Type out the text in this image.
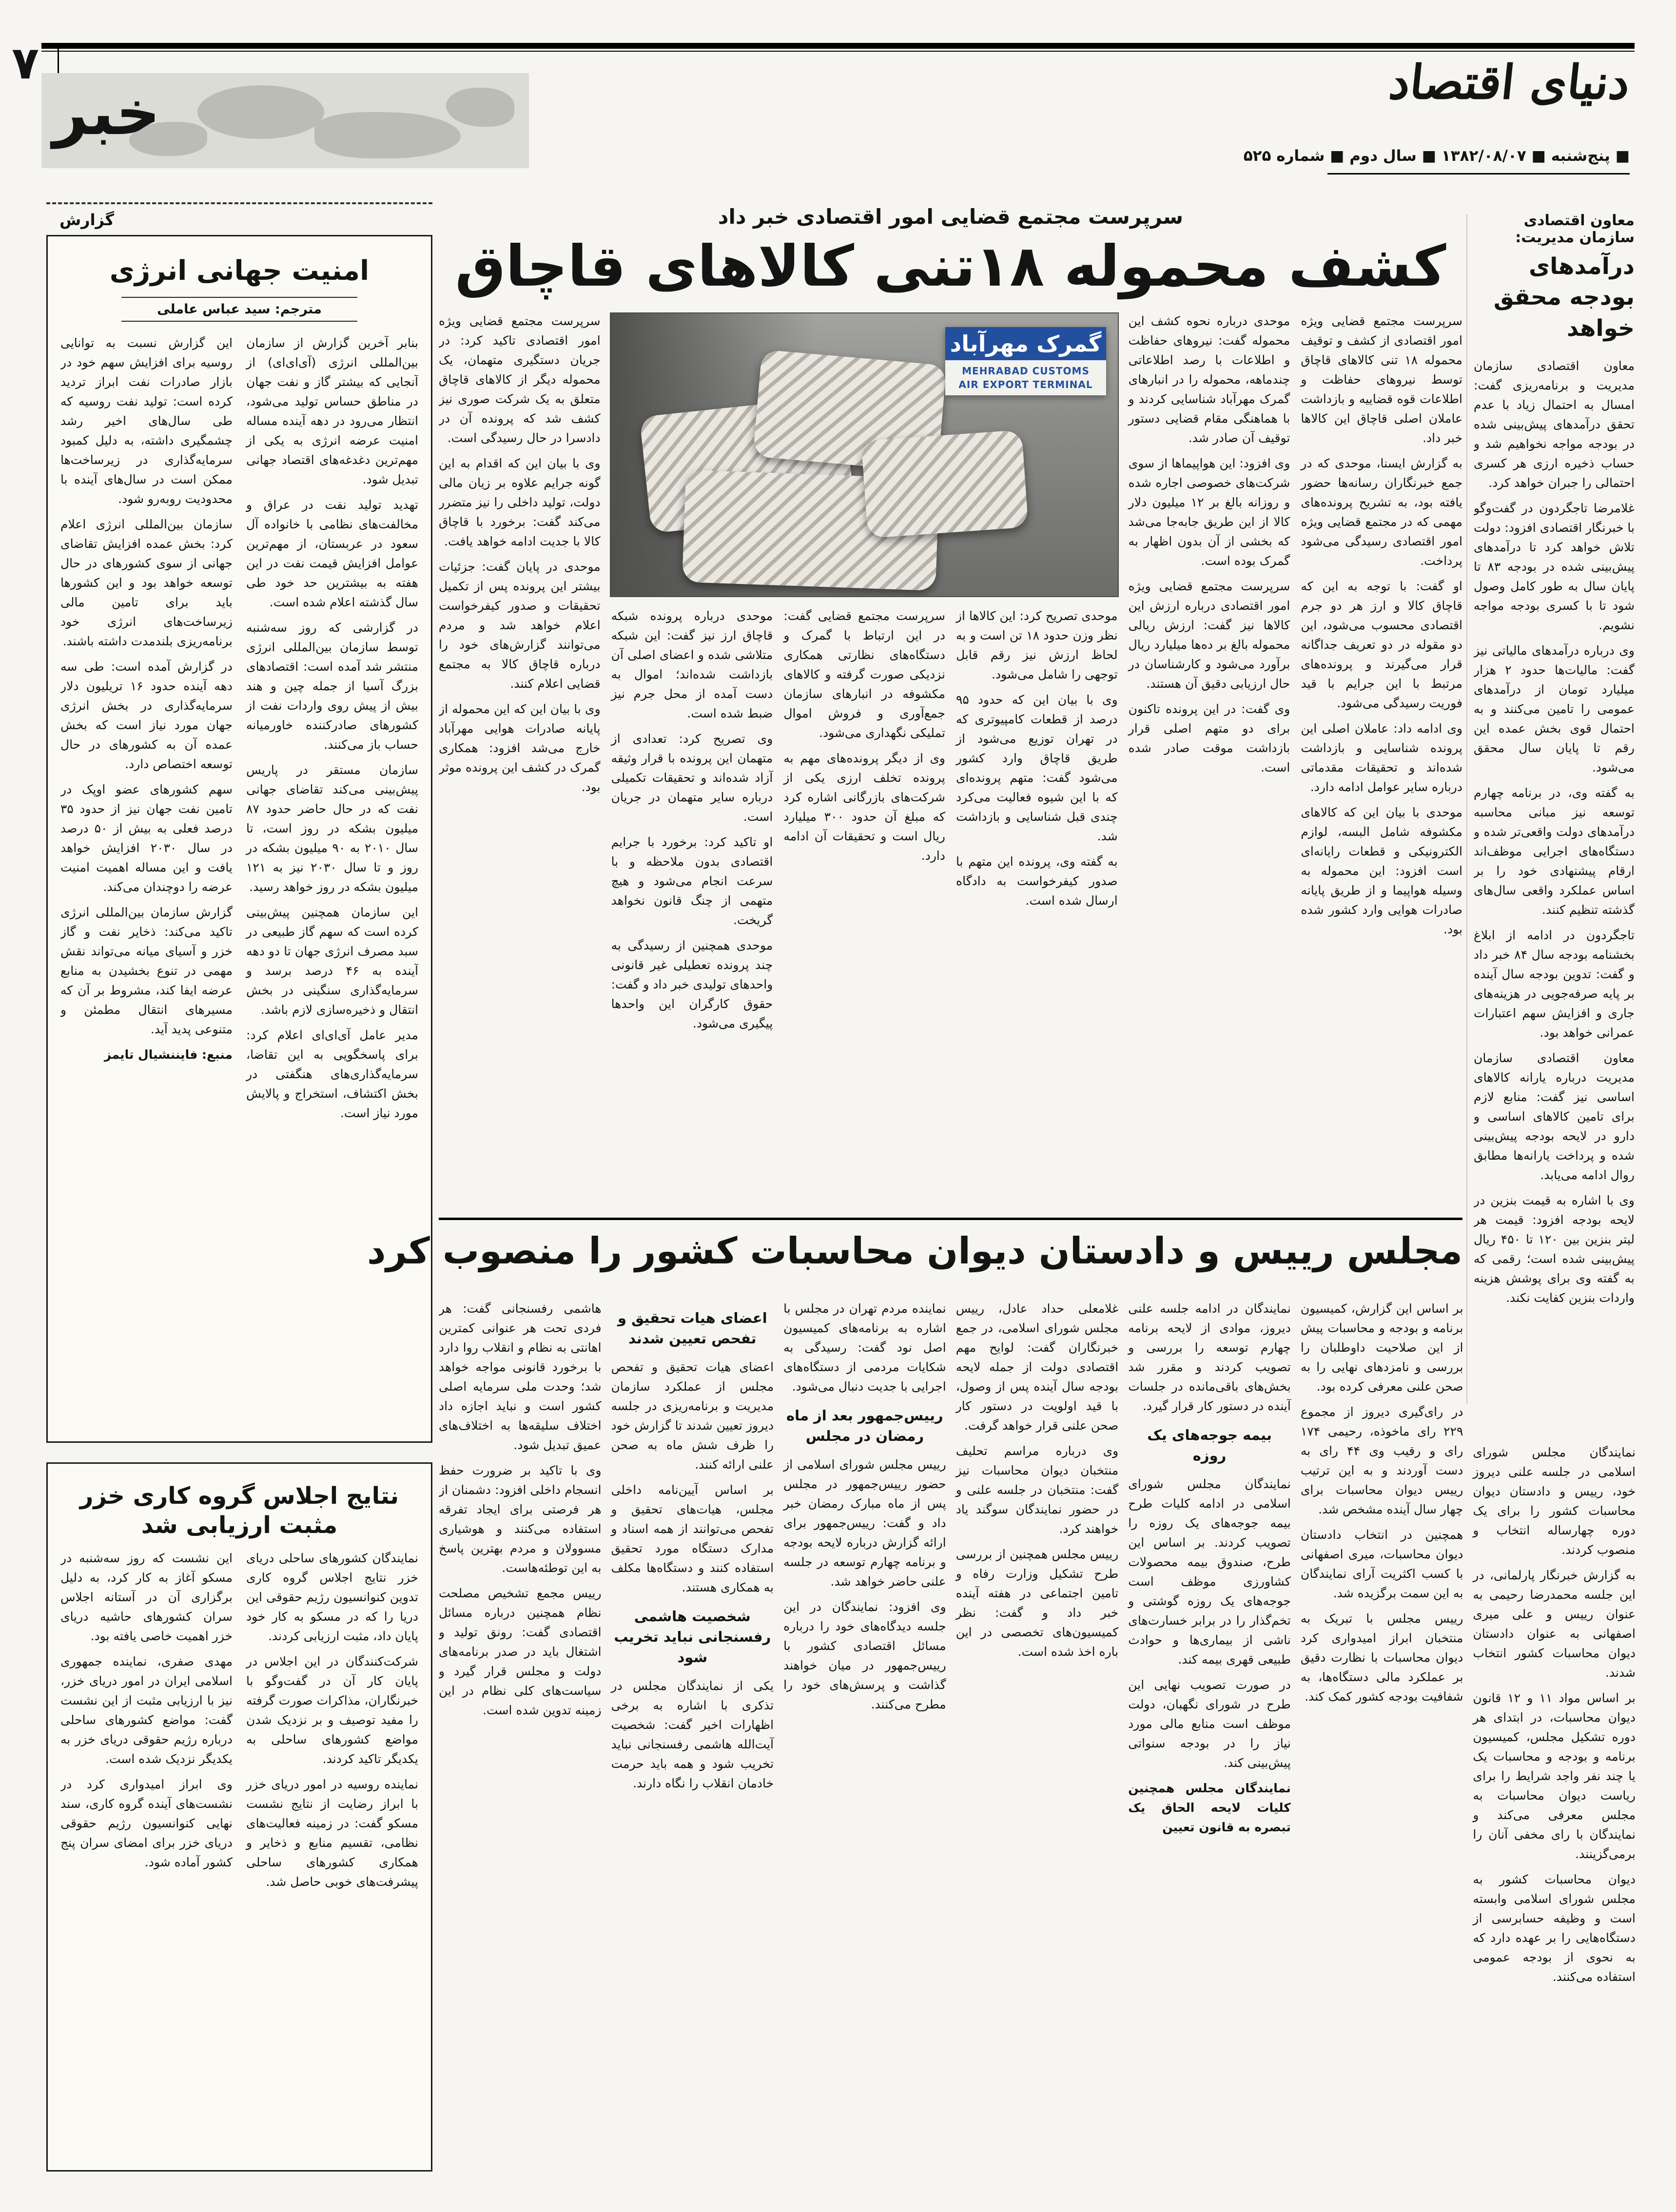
۷	دنیای اقتصاد
خبر
■ پنج‌شنبه ■ ۱۳۸۲/۰۸/۰۷ ■ سال دوم ■ شماره ۵۲۵
گزارش	معاون اقتصادی سازمان مدیریت:
درآمدهای بودجه محقق خواهد

معاون اقتصادی سازمان مدیریت و برنامه‌ریزی گفت: امسال به احتمال زیاد با عدم تحقق درآمدهای پیش‌بینی شده در بودجه مواجه نخواهیم شد و حساب ذخیره ارزی هر کسری احتمالی را جبران خواهد کرد.

غلامرضا تاجگردون در گفت‌وگو با خبرنگار اقتصادی افزود: دولت تلاش خواهد کرد تا درآمدهای پیش‌بینی شده در بودجه ۸۳ تا پایان سال به طور کامل وصول شود تا با کسری بودجه مواجه نشویم.

وی درباره درآمدهای مالیاتی نیز گفت: مالیات‌ها حدود ۲ هزار میلیارد تومان از درآمدهای عمومی را تامین می‌کنند و به احتمال قوی بخش عمده این رقم تا پایان سال محقق می‌شود.

به گفته وی، در برنامه چهارم توسعه نیز مبانی محاسبه درآمدهای دولت واقعی‌تر شده و دستگاه‌های اجرایی موظف‌اند ارقام پیشنهادی خود را بر اساس عملکرد واقعی سال‌های گذشته تنظیم کنند.

تاجگردون در ادامه از ابلاغ بخشنامه بودجه سال ۸۴ خبر داد و گفت: تدوین بودجه سال آینده بر پایه صرفه‌جویی در هزینه‌های جاری و افزایش سهم اعتبارات عمرانی خواهد بود.

معاون اقتصادی سازمان مدیریت درباره یارانه کالاهای اساسی نیز گفت: منابع لازم برای تامین کالاهای اساسی و دارو در لایحه بودجه پیش‌بینی شده و پرداخت یارانه‌ها مطابق روال ادامه می‌یابد.

وی با اشاره به قیمت بنزین در لایحه بودجه افزود: قیمت هر لیتر بنزین بین ۱۲۰ تا ۴۵۰ ریال پیش‌بینی شده است؛ رقمی که به گفته وی برای پوشش هزینه واردات بنزین کفایت نکند.

سرپرست مجتمع قضایی امور اقتصادی خبر داد
کشف محموله ۱۸تنی کالاهای قاچاق

سرپرست مجتمع قضایی ویژه امور اقتصادی از کشف و توقیف محموله ۱۸ تنی کالاهای قاچاق توسط نیروهای حفاظت و اطلاعات قوه قضاییه و بازداشت عاملان اصلی قاچاق این کالاها خبر داد.

به گزارش ایسنا، موحدی که در جمع خبرنگاران رسانه‌ها حضور یافته بود، به تشریح پرونده‌های مهمی که در مجتمع قضایی ویژه امور اقتصادی رسیدگی می‌شود پرداخت.

او گفت: با توجه به این که قاچاق کالا و ارز هر دو جرم اقتصادی محسوب می‌شود، این دو مقوله در دو تعریف جداگانه قرار می‌گیرند و پرونده‌های مرتبط با این جرایم با قید فوریت رسیدگی می‌شود.

وی ادامه داد: عاملان اصلی این پرونده شناسایی و بازداشت شده‌اند و تحقیقات مقدماتی درباره سایر عوامل ادامه دارد.

موحدی با بیان این که کالاهای مکشوفه شامل البسه، لوازم الکترونیکی و قطعات رایانه‌ای است افزود: این محموله به وسیله هواپیما و از طریق پایانه صادرات هوایی وارد کشور شده بود.

موحدی درباره نحوه کشف این محموله گفت: نیروهای حفاظت و اطلاعات با رصد اطلاعاتی چندماهه، محموله را در انبارهای گمرک مهرآباد شناسایی کردند و با هماهنگی مقام قضایی دستور توقیف آن صادر شد.

وی افزود: این هواپیماها از سوی شرکت‌های خصوصی اجاره شده و روزانه بالغ بر ۱۲ میلیون دلار کالا از این طریق جابه‌جا می‌شد که بخشی از آن بدون اظهار به گمرک بوده است.

سرپرست مجتمع قضایی ویژه امور اقتصادی درباره ارزش این کالاها نیز گفت: ارزش ریالی محموله بالغ بر ده‌ها میلیارد ریال برآورد می‌شود و کارشناسان در حال ارزیابی دقیق آن هستند.

وی گفت: در این پرونده تاکنون برای دو متهم اصلی قرار بازداشت موقت صادر شده است.

موحدی تصریح کرد: این کالاها از نظر وزن حدود ۱۸ تن است و به لحاظ ارزش نیز رقم قابل توجهی را شامل می‌شود.

وی با بیان این که حدود ۹۵ درصد از قطعات کامپیوتری که در تهران توزیع می‌شود از طریق قاچاق وارد کشور می‌شود گفت: متهم پرونده‌ای که با این شیوه فعالیت می‌کرد چندی قبل شناسایی و بازداشت شد.

به گفته وی، پرونده این متهم با صدور کیفرخواست به دادگاه ارسال شده است.

سرپرست مجتمع قضایی گفت: در این ارتباط با گمرک و دستگاه‌های نظارتی همکاری نزدیکی صورت گرفته و کالاهای مکشوفه در انبارهای سازمان جمع‌آوری و فروش اموال تملیکی نگهداری می‌شود.

وی از دیگر پرونده‌های مهم به پرونده تخلف ارزی یکی از شرکت‌های بازرگانی اشاره کرد که مبلغ آن حدود ۳۰۰ میلیارد ریال است و تحقیقات آن ادامه دارد.

موحدی درباره پرونده شبکه قاچاق ارز نیز گفت: این شبکه متلاشی شده و اعضای اصلی آن بازداشت شده‌اند؛ اموال به دست آمده از محل جرم نیز ضبط شده است.

وی تصریح کرد: تعدادی از متهمان این پرونده با قرار وثیقه آزاد شده‌اند و تحقیقات تکمیلی درباره سایر متهمان در جریان است.

او تاکید کرد: برخورد با جرایم اقتصادی بدون ملاحظه و با سرعت انجام می‌شود و هیچ متهمی از چنگ قانون نخواهد گریخت.

موحدی همچنین از رسیدگی به چند پرونده تعطیلی غیر قانونی واحدهای تولیدی خبر داد و گفت: حقوق کارگران این واحدها پیگیری می‌شود.

سرپرست مجتمع قضایی ویژه امور اقتصادی تاکید کرد: در جریان دستگیری متهمان، یک محموله دیگر از کالاهای قاچاق متعلق به یک شرکت صوری نیز کشف شد که پرونده آن در دادسرا در حال رسیدگی است.

وی با بیان این که اقدام به این گونه جرایم علاوه بر زیان مالی دولت، تولید داخلی را نیز متضرر می‌کند گفت: برخورد با قاچاق کالا با جدیت ادامه خواهد یافت.

موحدی در پایان گفت: جزئیات بیشتر این پرونده پس از تکمیل تحقیقات و صدور کیفرخواست اعلام خواهد شد و مردم می‌توانند گزارش‌های خود را درباره قاچاق کالا به مجتمع قضایی اعلام کنند.

وی با بیان این که این محموله از پایانه صادرات هوایی مهرآباد خارج می‌شد افزود: همکاری گمرک در کشف این پرونده موثر بود.

گمرک مهرآباد
MEHRABAD CUSTOMS
AIR EXPORT TERMINAL
امنیت جهانی انرژی
مترجم: سید عباس عاملی

بنابر آخرین گزارش از سازمان بین‌المللی انرژی (آی‌ای‌ای) از آنجایی که بیشتر گاز و نفت جهان در مناطق حساس تولید می‌شود، انتظار می‌رود در دهه آینده مساله امنیت عرضه انرژی به یکی از مهم‌ترین دغدغه‌های اقتصاد جهانی تبدیل شود.

تهدید تولید نفت در عراق و مخالفت‌های نظامی با خانواده آل سعود در عربستان، از مهم‌ترین عوامل افزایش قیمت نفت در این هفته به بیشترین حد خود طی سال گذشته اعلام شده است.

در گزارشی که روز سه‌شنبه توسط سازمان بین‌المللی انرژی منتشر شد آمده است: اقتصادهای بزرگ آسیا از جمله چین و هند بیش از پیش روی واردات نفت از کشورهای صادرکننده خاورمیانه حساب باز می‌کنند.

سازمان مستقر در پاریس پیش‌بینی می‌کند تقاضای جهانی نفت که در حال حاضر حدود ۸۷ میلیون بشکه در روز است، تا سال ۲۰۱۰ به ۹۰ میلیون بشکه در روز و تا سال ۲۰۳۰ نیز به ۱۲۱ میلیون بشکه در روز خواهد رسید.

این سازمان همچنین پیش‌بینی کرده است که سهم گاز طبیعی در سبد مصرف انرژی جهان تا دو دهه آینده به ۴۶ درصد برسد و سرمایه‌گذاری سنگینی در بخش انتقال و ذخیره‌سازی لازم باشد.

مدیر عامل آی‌ای‌ای اعلام کرد: برای پاسخگویی به این تقاضا، سرمایه‌گذاری‌های هنگفتی در بخش اکتشاف، استخراج و پالایش مورد نیاز است.

این گزارش نسبت به توانایی روسیه برای افزایش سهم خود در بازار صادرات نفت ابراز تردید کرده است: تولید نفت روسیه که طی سال‌های اخیر رشد چشمگیری داشته، به دلیل کمبود سرمایه‌گذاری در زیرساخت‌ها ممکن است در سال‌های آینده با محدودیت روبه‌رو شود.

سازمان بین‌المللی انرژی اعلام کرد: بخش عمده افزایش تقاضای جهانی از سوی کشورهای در حال توسعه خواهد بود و این کشورها باید برای تامین مالی زیرساخت‌های انرژی خود برنامه‌ریزی بلندمدت داشته باشند.

در گزارش آمده است: طی سه دهه آینده حدود ۱۶ تریلیون دلار سرمایه‌گذاری در بخش انرژی جهان مورد نیاز است که بخش عمده آن به کشورهای در حال توسعه اختصاص دارد.

سهم کشورهای عضو اوپک در تامین نفت جهان نیز از حدود ۳۵ درصد فعلی به بیش از ۵۰ درصد در سال ۲۰۳۰ افزایش خواهد یافت و این مساله اهمیت امنیت عرضه را دوچندان می‌کند.

گزارش سازمان بین‌المللی انرژی تاکید می‌کند: ذخایر نفت و گاز خزر و آسیای میانه می‌تواند نقش مهمی در تنوع بخشیدن به منابع عرضه ایفا کند، مشروط بر آن که مسیرهای انتقال مطمئن و متنوعی پدید آید.

منبع: فایننشیال تایمز

نتایج اجلاس گروه کاری خزر مثبت ارزیابی شد

نمایندگان کشورهای ساحلی دریای خزر نتایج اجلاس گروه کاری تدوین کنوانسیون رژیم حقوقی این دریا را که در مسکو به کار خود پایان داد، مثبت ارزیابی کردند.

شرکت‌کنندگان در این اجلاس در پایان کار آن در گفت‌وگو با خبرنگاران، مذاکرات صورت گرفته را مفید توصیف و بر نزدیک شدن مواضع کشورهای ساحلی به یکدیگر تاکید کردند.

نماینده روسیه در امور دریای خزر با ابراز رضایت از نتایج نشست مسکو گفت: در زمینه فعالیت‌های نظامی، تقسیم منابع و ذخایر و همکاری کشورهای ساحلی پیشرفت‌های خوبی حاصل شد.

این نشست که روز سه‌شنبه در مسکو آغاز به کار کرد، به دلیل برگزاری آن در آستانه اجلاس سران کشورهای حاشیه دریای خزر اهمیت خاصی یافته بود.

مهدی صفری، نماینده جمهوری اسلامی ایران در امور دریای خزر، نیز با ارزیابی مثبت از این نشست گفت: مواضع کشورهای ساحلی درباره رژیم حقوقی دریای خزر به یکدیگر نزدیک شده است.

وی ابراز امیدواری کرد در نشست‌های آینده گروه کاری، سند نهایی کنوانسیون رژیم حقوقی دریای خزر برای امضای سران پنج کشور آماده شود.

مجلس رییس و دادستان دیوان محاسبات کشور را منصوب کرد

نمایندگان مجلس شورای اسلامی در جلسه علنی دیروز خود، رییس و دادستان دیوان محاسبات کشور را برای یک دوره چهارساله انتخاب و منصوب کردند.

به گزارش خبرنگار پارلمانی، در این جلسه محمدرضا رحیمی به عنوان رییس و علی میری اصفهانی به عنوان دادستان دیوان محاسبات کشور انتخاب شدند.

بر اساس مواد ۱۱ و ۱۲ قانون دیوان محاسبات، در ابتدای هر دوره تشکیل مجلس، کمیسیون برنامه و بودجه و محاسبات یک یا چند نفر واجد شرایط را برای ریاست دیوان محاسبات به مجلس معرفی می‌کند و نمایندگان با رای مخفی آنان را برمی‌گزینند.

دیوان محاسبات کشور به مجلس شورای اسلامی وابسته است و وظیفه حسابرسی از دستگاه‌هایی را بر عهده دارد که به نحوی از بودجه عمومی استفاده می‌کنند.

بر اساس این گزارش، کمیسیون برنامه و بودجه و محاسبات پیش از این صلاحیت داوطلبان را بررسی و نامزدهای نهایی را به صحن علنی معرفی کرده بود.

در رای‌گیری دیروز از مجموع ۲۲۹ رای ماخوذه، رحیمی ۱۷۴ رای و رقیب وی ۴۴ رای به دست آوردند و به این ترتیب رییس دیوان محاسبات برای چهار سال آینده مشخص شد.

همچنین در انتخاب دادستان دیوان محاسبات، میری اصفهانی با کسب اکثریت آرای نمایندگان به این سمت برگزیده شد.

رییس مجلس با تبریک به منتخبان ابراز امیدواری کرد دیوان محاسبات با نظارت دقیق بر عملکرد مالی دستگاه‌ها، به شفافیت بودجه کشور کمک کند.

نمایندگان در ادامه جلسه علنی دیروز، موادی از لایحه برنامه چهارم توسعه را بررسی و تصویب کردند و مقرر شد بخش‌های باقی‌مانده در جلسات آینده در دستور کار قرار گیرد.

بیمه جوجه‌های یک روزه

نمایندگان مجلس شورای اسلامی در ادامه کلیات طرح بیمه جوجه‌های یک روزه را تصویب کردند. بر اساس این طرح، صندوق بیمه محصولات کشاورزی موظف است جوجه‌های یک روزه گوشتی و تخم‌گذار را در برابر خسارت‌های ناشی از بیماری‌ها و حوادث طبیعی قهری بیمه کند.

در صورت تصویب نهایی این طرح در شورای نگهبان، دولت موظف است منابع مالی مورد نیاز را در بودجه سنواتی پیش‌بینی کند.

نمایندگان مجلس همچنین کلیات لایحه الحاق یک تبصره به قانون تعیین

غلامعلی حداد عادل، رییس مجلس شورای اسلامی، در جمع خبرنگاران گفت: لوایح مهم اقتصادی دولت از جمله لایحه بودجه سال آینده پس از وصول، با قید اولویت در دستور کار صحن علنی قرار خواهد گرفت.

وی درباره مراسم تحلیف منتخبان دیوان محاسبات نیز گفت: منتخبان در جلسه علنی و در حضور نمایندگان سوگند یاد خواهند کرد.

رییس مجلس همچنین از بررسی طرح تشکیل وزارت رفاه و تامین اجتماعی در هفته آینده خبر داد و گفت: نظر کمیسیون‌های تخصصی در این باره اخذ شده است.

نماینده مردم تهران در مجلس با اشاره به برنامه‌های کمیسیون اصل نود گفت: رسیدگی به شکایات مردمی از دستگاه‌های اجرایی با جدیت دنبال می‌شود.

رییس‌جمهور بعد از ماه رمضان در مجلس

رییس مجلس شورای اسلامی از حضور رییس‌جمهور در مجلس پس از ماه مبارک رمضان خبر داد و گفت: رییس‌جمهور برای ارائه گزارش درباره لایحه بودجه و برنامه چهارم توسعه در جلسه علنی حاضر خواهد شد.

وی افزود: نمایندگان در این جلسه دیدگاه‌های خود را درباره مسائل اقتصادی کشور با رییس‌جمهور در میان خواهند گذاشت و پرسش‌های خود را مطرح می‌کنند.

اعضای هیات تحقیق و تفحص تعیین شدند

اعضای هیات تحقیق و تفحص مجلس از عملکرد سازمان مدیریت و برنامه‌ریزی در جلسه دیروز تعیین شدند تا گزارش خود را ظرف شش ماه به صحن علنی ارائه کنند.

بر اساس آیین‌نامه داخلی مجلس، هیات‌های تحقیق و تفحص می‌توانند از همه اسناد و مدارک دستگاه مورد تحقیق استفاده کنند و دستگاه‌ها مکلف به همکاری هستند.

شخصیت هاشمی رفسنجانی نباید تخریب شود

یکی از نمایندگان مجلس در تذکری با اشاره به برخی اظهارات اخیر گفت: شخصیت آیت‌الله هاشمی رفسنجانی نباید تخریب شود و همه باید حرمت خادمان انقلاب را نگاه دارند.

هاشمی رفسنجانی گفت: هر فردی تحت هر عنوانی کمترین اهانتی به نظام و انقلاب روا دارد با برخورد قانونی مواجه خواهد شد؛ وحدت ملی سرمایه اصلی کشور است و نباید اجازه داد اختلاف سلیقه‌ها به اختلاف‌های عمیق تبدیل شود.

وی با تاکید بر ضرورت حفظ انسجام داخلی افزود: دشمنان از هر فرصتی برای ایجاد تفرقه استفاده می‌کنند و هوشیاری مسوولان و مردم بهترین پاسخ به این توطئه‌هاست.

رییس مجمع تشخیص مصلحت نظام همچنین درباره مسائل اقتصادی گفت: رونق تولید و اشتغال باید در صدر برنامه‌های دولت و مجلس قرار گیرد و سیاست‌های کلی نظام در این زمینه تدوین شده است.
